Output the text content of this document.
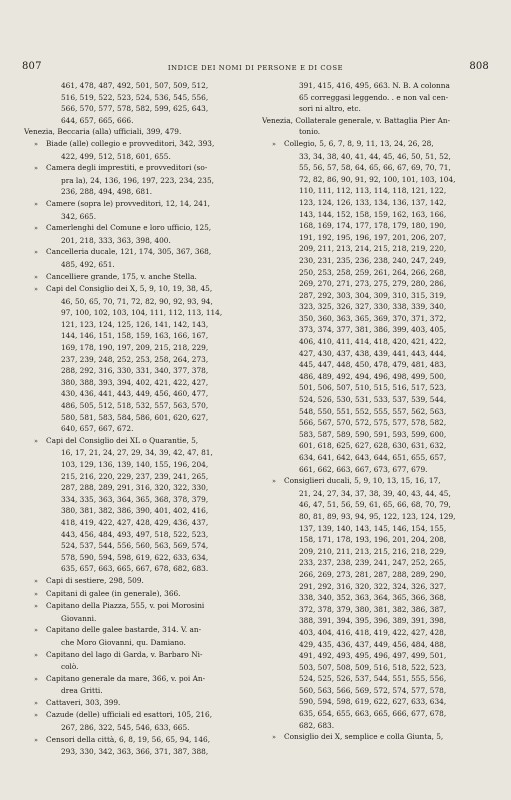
807	INDICE DEI NOMI DI PERSONE E DI COSE	808
461, 478, 487, 492, 501, 507, 509, 512,
516, 519, 522, 523, 524, 536, 545, 556,
566, 570, 577, 578, 582, 599, 625, 643,
644, 657, 665, 666.
Venezia, Beccaria (alla) ufficiali, 399, 479.
» Biade (alle) collegio e provveditori, 342, 393,
422, 499, 512, 518, 601, 655.
» Camera degli imprestiti, e provveditori (so-
pra la), 24, 136, 196, 197, 223, 234, 235,
236, 288, 494, 498, 681.
» Camere (sopra le) provveditori, 12, 14, 241,
342, 665.
» Camerlenghi del Comune e loro ufficio, 125,
201, 218, 333, 363, 398, 400.
» Cancelleria ducale, 121, 174, 305, 367, 368,
485, 492, 651.
» Cancelliere grande, 175, v. anche Stella.
» Capi del Consiglio dei X, 5, 9, 10, 19, 38, 45,
46, 50, 65, 70, 71, 72, 82, 90, 92, 93, 94,
97, 100, 102, 103, 104, 111, 112, 113, 114,
121, 123, 124, 125, 126, 141, 142, 143,
144, 146, 151, 158, 159, 163, 166, 167,
169, 178, 190, 197, 209, 215, 218, 229,
237, 239, 248, 252, 253, 258, 264, 273,
288, 292, 316, 330, 331, 340, 377, 378,
380, 388, 393, 394, 402, 421, 422, 427,
430, 436, 441, 443, 449, 456, 460, 477,
486, 505, 512, 518, 532, 557, 563, 570,
580, 581, 583, 584, 586, 601, 620, 627,
640, 657, 667, 672.
» Capi del Consiglio dei XL o Quarantie, 5,
16, 17, 21, 24, 27, 29, 34, 39, 42, 47, 81,
103, 129, 136, 139, 140, 155, 196, 204,
215, 216, 220, 229, 237, 239, 241, 265,
287, 288, 289, 291, 316, 320, 322, 330,
334, 335, 363, 364, 365, 368, 378, 379,
380, 381, 382, 386, 390, 401, 402, 416,
418, 419, 422, 427, 428, 429, 436, 437,
443, 456, 484, 493, 497, 518, 522, 523,
524, 537, 544, 556, 560, 563, 569, 574,
578, 590, 594, 598, 619, 622, 633, 634,
635, 657, 663, 665, 667, 678, 682, 683.
» Capi di sestiere, 298, 509.
» Capitani di galee (in generale), 366.
» Capitano della Piazza, 555, v. poi Morosini
Giovanni.
» Capitano delle galee bastarde, 314. V. an-
che Moro Giovanni, qu. Damiano.
» Capitano del lago di Garda, v. Barbaro Ni-
colò.
» Capitano generale da mare, 366, v. poi An-
drea Gritti.
» Cattaveri, 303, 399.
» Cazude (delle) ufficiali ed esattori, 105, 216,
267, 286, 322, 545, 546, 633, 665.
» Censori della città, 6, 8, 19, 56, 65, 94, 146,
293, 330, 342, 363, 366, 371, 387, 388,
391, 415, 416, 495, 663. N. B. A colonna
65 correggasi leggendo. . e non val cen-
sori ni altro, etc.
Venezia, Collaterale generale, v. Battaglia Pier An-
tonio.
» Collegio, 5, 6, 7, 8, 9, 11, 13, 24, 26, 28,
33, 34, 38, 40, 41, 44, 45, 46, 50, 51, 52,
55, 56, 57, 58, 64, 65, 66, 67, 69, 70, 71,
72, 82, 86, 90, 91, 92, 100, 101, 103, 104,
110, 111, 112, 113, 114, 118, 121, 122,
123, 124, 126, 133, 134, 136, 137, 142,
143, 144, 152, 158, 159, 162, 163, 166,
168, 169, 174, 177, 178, 179, 180, 190,
191, 192, 195, 196, 197, 201, 206, 207,
209, 211, 213, 214, 215, 218, 219, 220,
230, 231, 235, 236, 238, 240, 247, 249,
250, 253, 258, 259, 261, 264, 266, 268,
269, 270, 271, 273, 275, 279, 280, 286,
287, 292, 303, 304, 309, 310, 315, 319,
323, 325, 326, 327, 330, 338, 339, 340,
350, 360, 363, 365, 369, 370, 371, 372,
373, 374, 377, 381, 386, 399, 403, 405,
406, 410, 411, 414, 418, 420, 421, 422,
427, 430, 437, 438, 439, 441, 443, 444,
445, 447, 448, 450, 478, 479, 481, 483,
486, 489, 492, 494, 496, 498, 499, 500,
501, 506, 507, 510, 515, 516, 517, 523,
524, 526, 530, 531, 533, 537, 539, 544,
548, 550, 551, 552, 555, 557, 562, 563,
566, 567, 570, 572, 575, 577, 578, 582,
583, 587, 589, 590, 591, 593, 599, 600,
601, 618, 625, 627, 628, 630, 631, 632,
634, 641, 642, 643, 644, 651, 655, 657,
661, 662, 663, 667, 673, 677, 679.
» Consiglieri ducali, 5, 9, 10, 13, 15, 16, 17,
21, 24, 27, 34, 37, 38, 39, 40, 43, 44, 45,
46, 47, 51, 56, 59, 61, 65, 66, 68, 70, 79,
80, 81, 89, 93, 94, 95, 122, 123, 124, 129,
137, 139, 140, 143, 145, 146, 154, 155,
158, 171, 178, 193, 196, 201, 204, 208,
209, 210, 211, 213, 215, 216, 218, 229,
233, 237, 238, 239, 241, 247, 252, 265,
266, 269, 273, 281, 287, 288, 289, 290,
291, 292, 316, 320, 322, 324, 326, 327,
338, 340, 352, 363, 364, 365, 366, 368,
372, 378, 379, 380, 381, 382, 386, 387,
388, 391, 394, 395, 396, 389, 391, 398,
403, 404, 416, 418, 419, 422, 427, 428,
429, 435, 436, 437, 449, 456, 484, 488,
491, 492, 493, 495, 496, 497, 499, 501,
503, 507, 508, 509, 516, 518, 522, 523,
524, 525, 526, 537, 544, 551, 555, 556,
560, 563, 566, 569, 572, 574, 577, 578,
590, 594, 598, 619, 622, 627, 633, 634,
635, 654, 655, 663, 665, 666, 677, 678,
682, 683.
» Consiglio dei X, semplice e colla Giunta, 5,
